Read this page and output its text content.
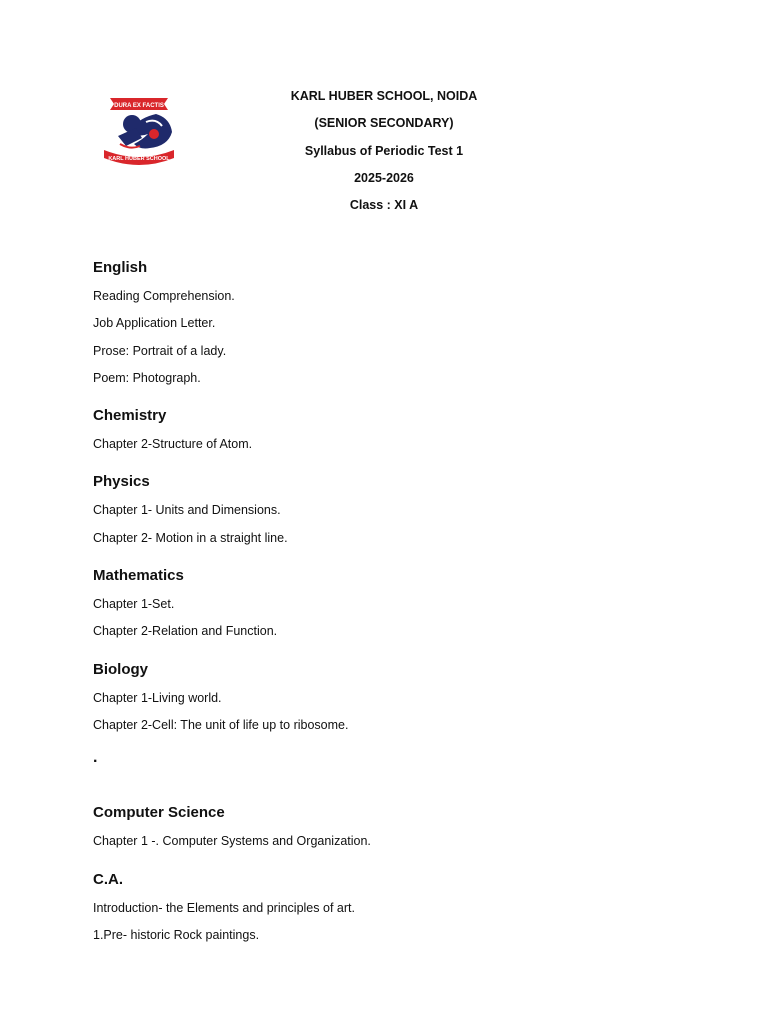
DURA EX FACTIS
KARL HUBER SCHOOL
KARL HUBER SCHOOL, NOIDA
(SENIOR SECONDARY)
Syllabus of Periodic Test 1
2025-2026
Class : XI A
English
Reading Comprehension.
Job Application Letter.
Prose: Portrait of a lady.
Poem: Photograph.
Chemistry
Chapter 2-Structure of Atom.
Physics
Chapter 1- Units and Dimensions.
Chapter 2- Motion in a straight line.
Mathematics
Chapter 1-Set.
Chapter 2-Relation and Function.
Biology
Chapter 1-Living world.
Chapter 2-Cell: The unit of life up to ribosome.
.
Computer Science
Chapter 1 -. Computer Systems and Organization.
C.A.
Introduction- the Elements and principles of art.
1.Pre- historic Rock paintings.
